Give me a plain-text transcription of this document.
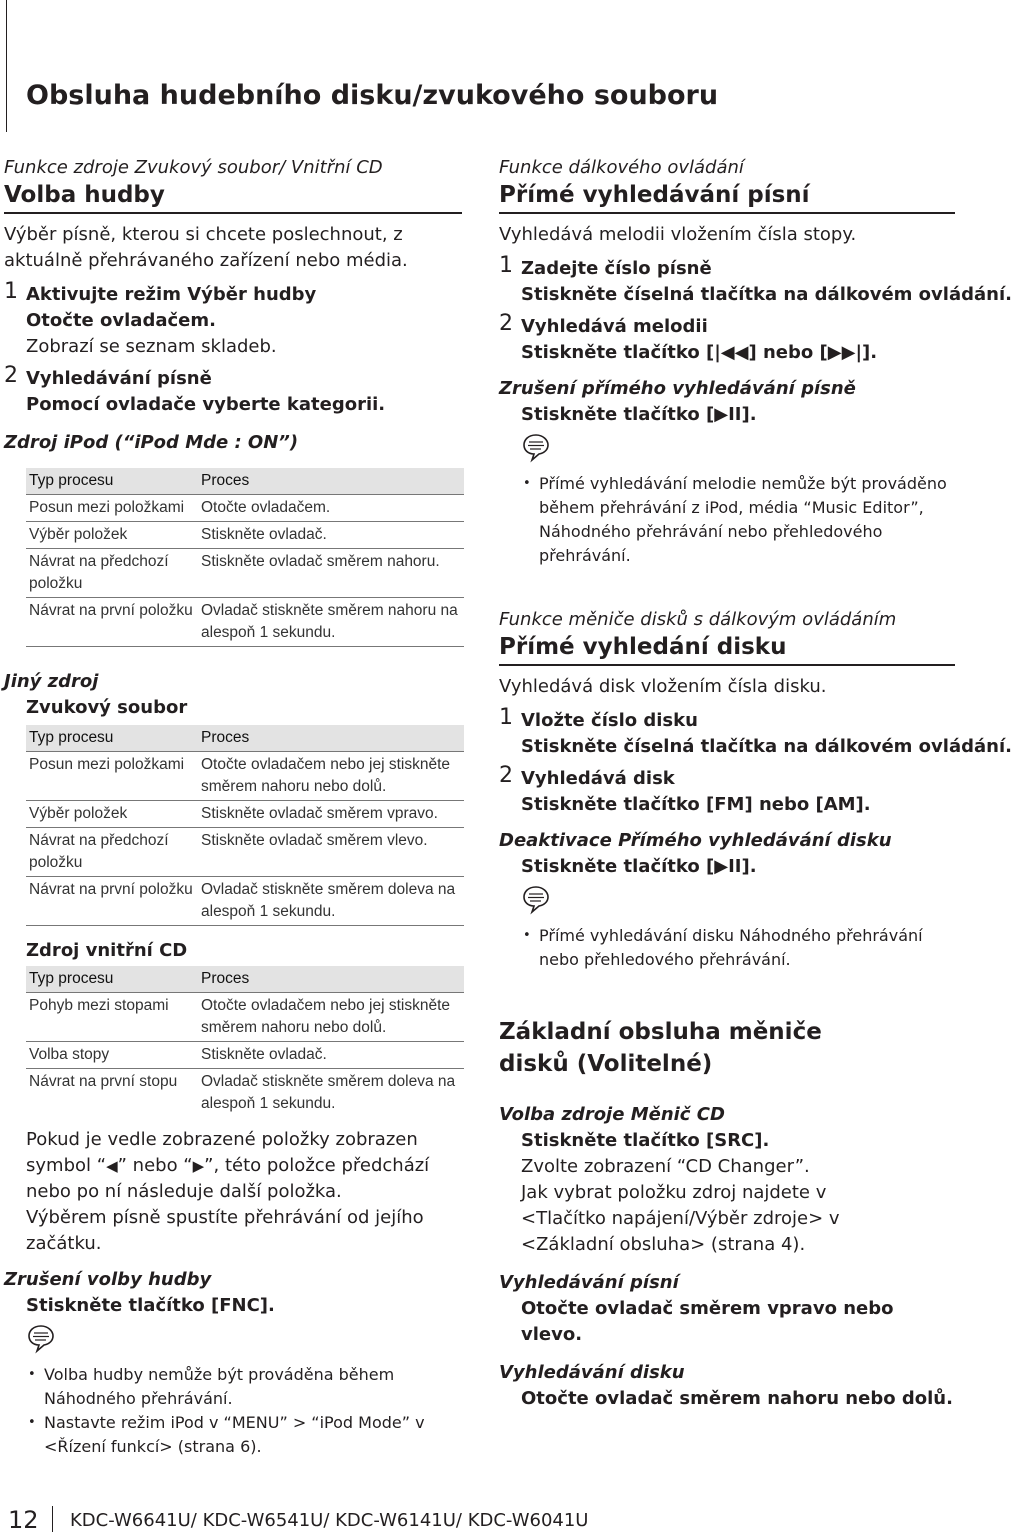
Obsluha hudebního disku/zvukového souboru
Funkce zdroje Zvukový soubor/ Vnitřní CD
Volba hudby
Výběr písně, kterou si chcete poslechnout, z aktuálně přehrávaného zařízení nebo média.
1 Aktivujte režim Výběr hudby
Otočte ovladačem.
Zobrazí se seznam skladeb.
2 Vyhledávání písně
Pomocí ovladače vyberte kategorii.
Zdroj iPod (“iPod Mde : ON”)
Typ procesu	Proces
Posun mezi položkami	Otočte ovladačem.
Výběr položek	Stiskněte ovladač.
Návrat na předchozí položku	Stiskněte ovladač směrem nahoru.
Návrat na první položku	Ovladač stiskněte směrem nahoru na alespoň 1 sekundu.
Jiný zdroj
Zvukový soubor
Typ procesu	Proces
Posun mezi položkami	Otočte ovladačem nebo jej stiskněte směrem nahoru nebo dolů.
Výběr položek	Stiskněte ovladač směrem vpravo.
Návrat na předchozí položku	Stiskněte ovladač směrem vlevo.
Návrat na první položku	Ovladač stiskněte směrem doleva na alespoň 1 sekundu.
Zdroj vnitřní CD
Typ procesu	Proces
Pohyb mezi stopami	Otočte ovladačem nebo jej stiskněte směrem nahoru nebo dolů.
Volba stopy	Stiskněte ovladač.
Návrat na první stopu	Ovladač stiskněte směrem doleva na alespoň 1 sekundu.
Pokud je vedle zobrazené položky zobrazen symbol “◀” nebo “▶”, této položce předchází nebo po ní následuje další položka.
Výběrem písně spustíte přehrávání od jejího začátku.
Zrušení volby hudby
Stiskněte tlačítko [FNC].
• Volba hudby nemůže být prováděna během Náhodného přehrávání.
• Nastavte režim iPod v “MENU” > “iPod Mode” v <Řízení funkcí> (strana 6).
Funkce dálkového ovládání
Přímé vyhledávání písní
Vyhledává melodii vložením čísla stopy.
1 Zadejte číslo písně
Stiskněte číselná tlačítka na dálkovém ovládání.
2 Vyhledává melodii
Stiskněte tlačítko [|◀◀] nebo [▶▶|].
Zrušení přímého vyhledávání písně
Stiskněte tlačítko [▶II].
• Přímé vyhledávání melodie nemůže být prováděno během přehrávání z iPod, média “Music Editor”, Náhodného přehrávání nebo přehledového přehrávání.
Funkce měniče disků s dálkovým ovládáním
Přímé vyhledání disku
Vyhledává disk vložením čísla disku.
1 Vložte číslo disku
Stiskněte číselná tlačítka na dálkovém ovládání.
2 Vyhledává disk
Stiskněte tlačítko [FM] nebo [AM].
Deaktivace Přímého vyhledávání disku
Stiskněte tlačítko [▶II].
• Přímé vyhledávání disku Náhodného přehrávání nebo přehledového přehrávání.
Základní obsluha měniče disků (Volitelné)
Volba zdroje Měnič CD
Stiskněte tlačítko [SRC].
Zvolte zobrazení “CD Changer”.
Jak vybrat položku zdroj najdete v <Tlačítko napájení/Výběr zdroje> v <Základní obsluha> (strana 4).
Vyhledávání písní
Otočte ovladač směrem vpravo nebo vlevo.
Vyhledávání disku
Otočte ovladač směrem nahoru nebo dolů.
12 KDC-W6641U/ KDC-W6541U/ KDC-W6141U/ KDC-W6041U
